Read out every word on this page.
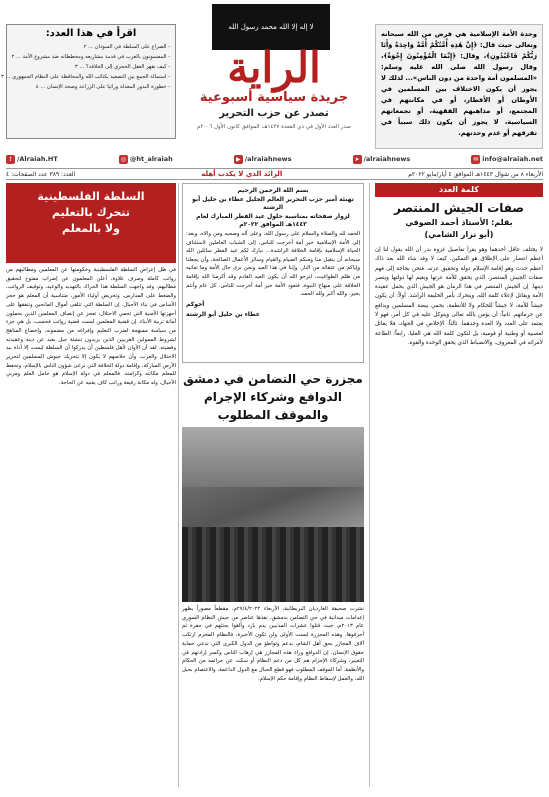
اقرأ في هذا العدد:
- الصراع على السلطة في السودان ... ٢
- المضمونون بالغرب في قدمة مشاريعه ومخططاته ضد مشروع الأمة ... ٢
- كيف نقهر العقل الحجري إلى الخلافة؟ ... ٣
- استمالة الجمع بين التصعيد بكتائب الله والمحافظة على النظام الجمهوري ... ٣
- خطورة البذور المعدلة وراثيا على الزراعة وصحة الإنسان ... ٤
لا إله إلا الله محمد رسول الله
الراية
جريدة سياسية أسبوعية
تصدر عن حزب التحرير
صدر العدد الأول في ذي القعدة ١٤٢٧هـ، الموافق كانون الأول ٢٠٠٦م
وحدة الأمة الإسلامية هي فرض من الله سبحانه وتعالى حيث قال: ﴿إِنَّ هَٰذِهِ أُمَّتُكُمْ أُمَّةً وَاحِدَةً وَأَنَا رَبُّكُمْ فَاعْبُدُونِ﴾، وقال: ﴿إِنَّمَا الْمُؤْمِنُونَ إِخْوَةٌ﴾، وقال رسول الله صلى الله عليه وسلم: «المسلمون أمة واحدة من دون الناس»... لذلك لا يجوز أن يكون الاختلاف بين المسلمين في الأوطان أو الأقطار، أو في مكانتهم في المجتمع، أو مذاهبهم الفقهية، أو تجمعاتهم السياسية، لا يجوز أن يكون ذلك سبباً في تفرقهم أو عدم وحدتهم.
t /Alraiah.HT	◎ @ht_alraiah	▶ /alraiahnews	➤ /alraiahnews	✉ info@alraiah.net
الأربعاء ٨ من شوال ١٤٤٣هـ الموافق ٤ أيار/مايو ٢٠٢٢م
الرائد الذي لا يكذب أهله
العدد: ٣٨٩ عدد الصفحات: ٤
كلمة العدد
صفات الجيش المنتصر
بقلم: الأستاذ أحمد الصوفي
(أبو نزار الشامي)
لا يختلف عاقل أحدهما وهو يقرأ تفاصيل غزوة بدر أن الله يقول لنا إن أعظم انتصار على الإطلاق هو التمكين. كيف لا وقد شاء الله بعد ذاك أعظم حدث وهو إقامة الإسلام دولة وتحقيق عزته. فنحن بحاجة إلى فهم صفات الجيش المنتصر، الذي يحقق للأمة عزتها ويقيم لها دولتها وينصر دينها. إن الجيش المنتصر في هذا الزمان هو الجيش الذي يحمل عقيدة الأمة ويقاتل لإعلاء كلمة الله، ويتحرك بأمر الخليفة الراشد. أولاً: أن يكون جيشاً للأمة، لا جيشاً للحكام ولا للأنظمة، يحمي بيضة المسلمين ويدافع عن حرماتهم. ثانياً: أن يؤمن بالله تعالى ويتوكل عليه في كل أمر، فهو لا يعتمد على العدد ولا العدة وحدهما. ثالثاً: الإخلاص في الجهاد، فلا يقاتل لعصبية أو وطنية أو قومية، بل لتكون كلمة الله هي العليا. رابعاً: الطاعة لأمرائه في المعروف، والانضباط الذي يحقق الوحدة والقوة.
بسم الله الرحمن الرحيم
تهنئة أمير حزب التحرير العالم الجليل عطاء بن خليل أبو الرشتة
لزوار صفحاته بمناسبة حلول عيد الفطر المبارك لعام ١٤٤٣هـ الموافق ٢٠٢٢م
الحمد لله والصلاة والسلام على رسول الله، وعلى آله وصحبه ومن والاه، وبعد: إلى الأمة الإسلامية خير أمة أخرجت للناس، إلى الشباب العاملين لاستئناف الحياة الإسلامية بإقامة الخلافة الراشدة... نبارك لكم عيد الفطر سائلين الله سبحانه أن يتقبل منا ومنكم الصيام والقيام وسائر الأعمال الصالحة، وأن يجعلنا وإياكم من عتقائه من النار. وإننا في هذا العيد ونحن نرى حال الأمة وما تعانيه من ظلم الطواغيت، لنرجو الله أن يكون العيد القادم وقد أكرمنا الله بإقامة الخلافة على منهاج النبوة، فتعود الأمة خير أمة أخرجت للناس. كل عام وأنتم بخير، والله أكبر ولله الحمد.
أخوكم
عطاء بن خليل أبو الرشتة
مجزرة حي التضامن في دمشق
الدوافع وشركاء الإجرام والموقف المطلوب
نشرت صحيفة الغارديان البريطانية، الأربعاء ٢٧/٤/٢٠٢٢م، مقطعاً مصوراً يظهر إعدامات ميدانية في حي التضامن بدمشق، نفذها عناصر من جيش النظام السوري عام ٢٠١٣م، حيث قتلوا عشرات المدنيين بدم بارد وألقوا بجثثهم في حفرة ثم أحرقوها. وهذه المجزرة ليست الأولى ولن تكون الأخيرة، فالنظام المجرم ارتكب آلاف المجازر بحق أهل الشام، بدعم وتواطؤ من الدول الكبرى التي تدعي حماية حقوق الإنسان. إن الدوافع وراء هذه المجازر هي إرهاب الناس وكسر إرادتهم في التغيير، وشركاء الإجرام هم كل من دعم النظام أو سكت عن جرائمه من الحكام والأنظمة. أما الموقف المطلوب فهو قطع الحبال مع الدول الداعمة، والاعتصام بحبل الله، والعمل لإسقاط النظام وإقامة حكم الإسلام.
السلطة الفلسطينية
تتحرك بالتعليم
ولا بالمعلم
في ظل إعراض السلطة الفلسطينية وحكومتها عن المعلمين ومطالبهم من رواتب كاملة وصرف علاوة، أعلن المعلمون عن إضراب مفتوح لتحقيق مطالبهم. وقد واجهت السلطة هذا الحراك بالتهديد والوعيد، وتوقيف الرواتب، والضغط على المدارس، وتحريض أولياء الأمور، متناسية أن المعلم هو حجر الأساس في بناء الأجيال. إن السلطة التي تتلقى أموال المانحين وتنفقها على أجهزتها الأمنية التي تحمي الاحتلال، تعجز عن إنصاف المعلمين الذين يحملون أمانة تربية الأبناء. إن قضية المعلمين ليست قضية رواتب فحسب، بل هي جزء من سياسة ممنهجة لضرب التعليم وإفراغه من مضمونه، وإخضاع المناهج لشروط الممولين الغربيين الذين يريدون تنشئة جيل بعيد عن دينه وعقيدته وقضيته. لقد آن الأوان لأهل فلسطين أن يدركوا أن السلطة ليست إلا أداة بيد الاحتلال والغرب، وأن خلاصهم لا يكون إلا بتحريك جيوش المسلمين لتحرير الأرض المباركة، وإقامة دولة الخلافة التي ترعى شؤون الناس بالإسلام، وتحفظ للمعلم مكانته وكرامته. فالمعلم في دولة الإسلام هو حامل العلم ومربي الأجيال، وله مكانة رفيعة وراتب كاف يغنيه عن الحاجة.
